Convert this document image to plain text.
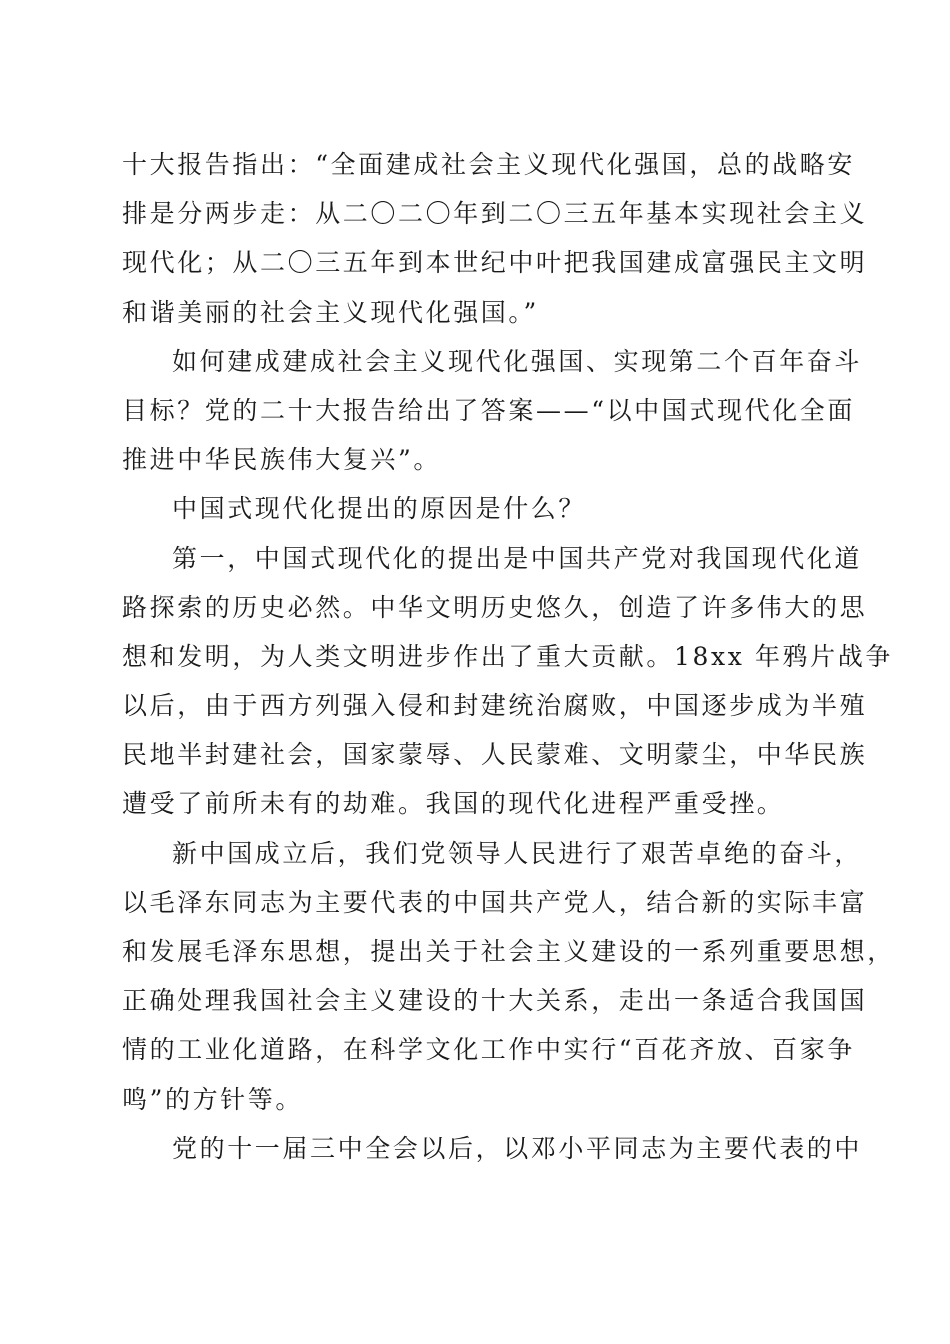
十大报告指出：“全面建成社会主义现代化强国，总的战略安
排是分两步走：从二〇二〇年到二〇三五年基本实现社会主义
现代化；从二〇三五年到本世纪中叶把我国建成富强民主文明
和谐美丽的社会主义现代化强国。”
如何建成建成社会主义现代化强国、实现第二个百年奋斗
目标？党的二十大报告给出了答案——“以中国式现代化全面
推进中华民族伟大复兴”。
中国式现代化提出的原因是什么？
第一，中国式现代化的提出是中国共产党对我国现代化道
路探索的历史必然。中华文明历史悠久，创造了许多伟大的思
想和发明，为人类文明进步作出了重大贡献。18xx 年鸦片战争
以后，由于西方列强入侵和封建统治腐败，中国逐步成为半殖
民地半封建社会，国家蒙辱、人民蒙难、文明蒙尘，中华民族
遭受了前所未有的劫难。我国的现代化进程严重受挫。
新中国成立后，我们党领导人民进行了艰苦卓绝的奋斗，
以毛泽东同志为主要代表的中国共产党人，结合新的实际丰富
和发展毛泽东思想，提出关于社会主义建设的一系列重要思想，
正确处理我国社会主义建设的十大关系，走出一条适合我国国
情的工业化道路，在科学文化工作中实行“百花齐放、百家争
鸣”的方针等。
党的十一届三中全会以后，以邓小平同志为主要代表的中
